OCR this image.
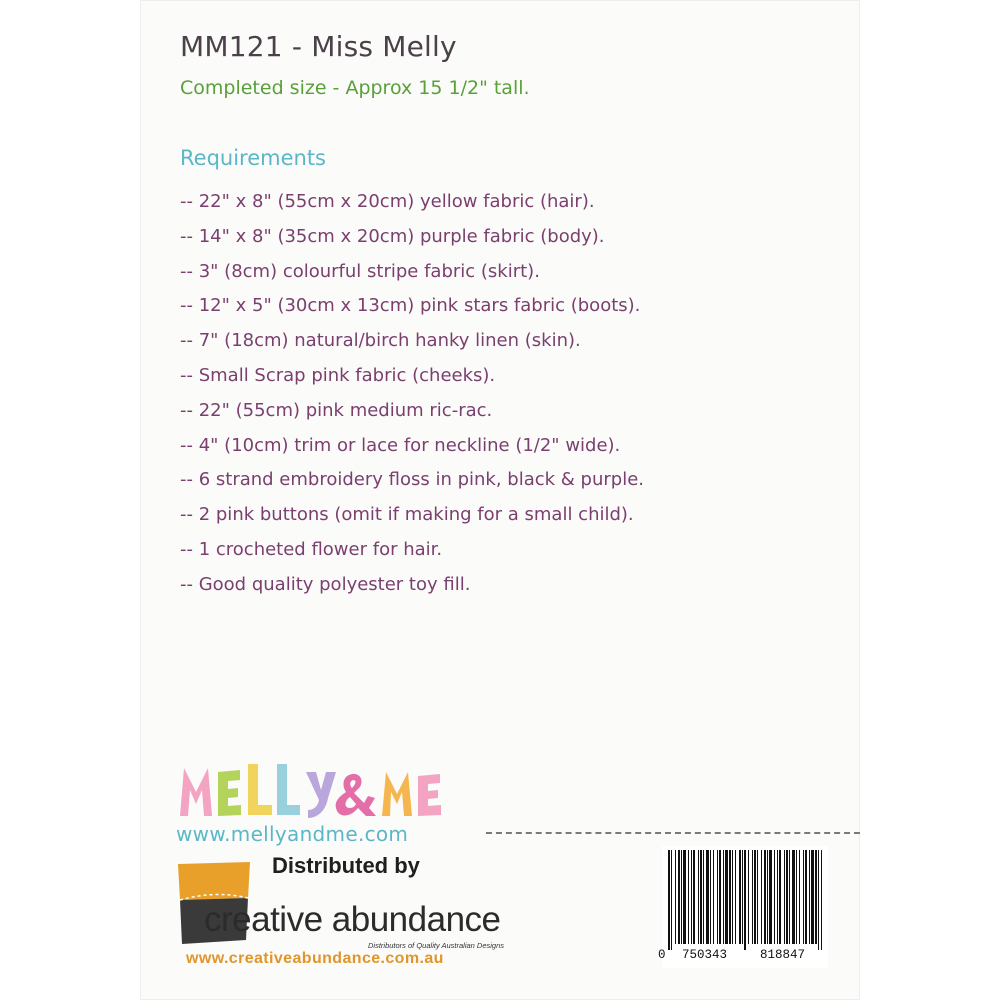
MM121 - Miss Melly
Completed size - Approx 15 1/2" tall.
Requirements
-- 22" x 8" (55cm x 20cm) yellow fabric (hair).
-- 14" x 8" (35cm x 20cm) purple fabric (body).
-- 3" (8cm) colourful stripe fabric (skirt).
-- 12" x 5" (30cm x 13cm) pink stars fabric (boots).
-- 7" (18cm) natural/birch hanky linen (skin).
-- Small Scrap pink fabric (cheeks).
-- 22" (55cm) pink medium ric-rac.
-- 4" (10cm) trim or lace for neckline (1/2" wide).
-- 6 strand embroidery floss in pink, black & purple.
-- 2 pink buttons (omit if making for a small child).
-- 1 crocheted flower for hair.
-- Good quality polyester toy fill.
www.mellyandme.com
Distributed by
creative abundance
Distributors of Quality Australian Designs
www.creativeabundance.com.au	0 750343	818847
